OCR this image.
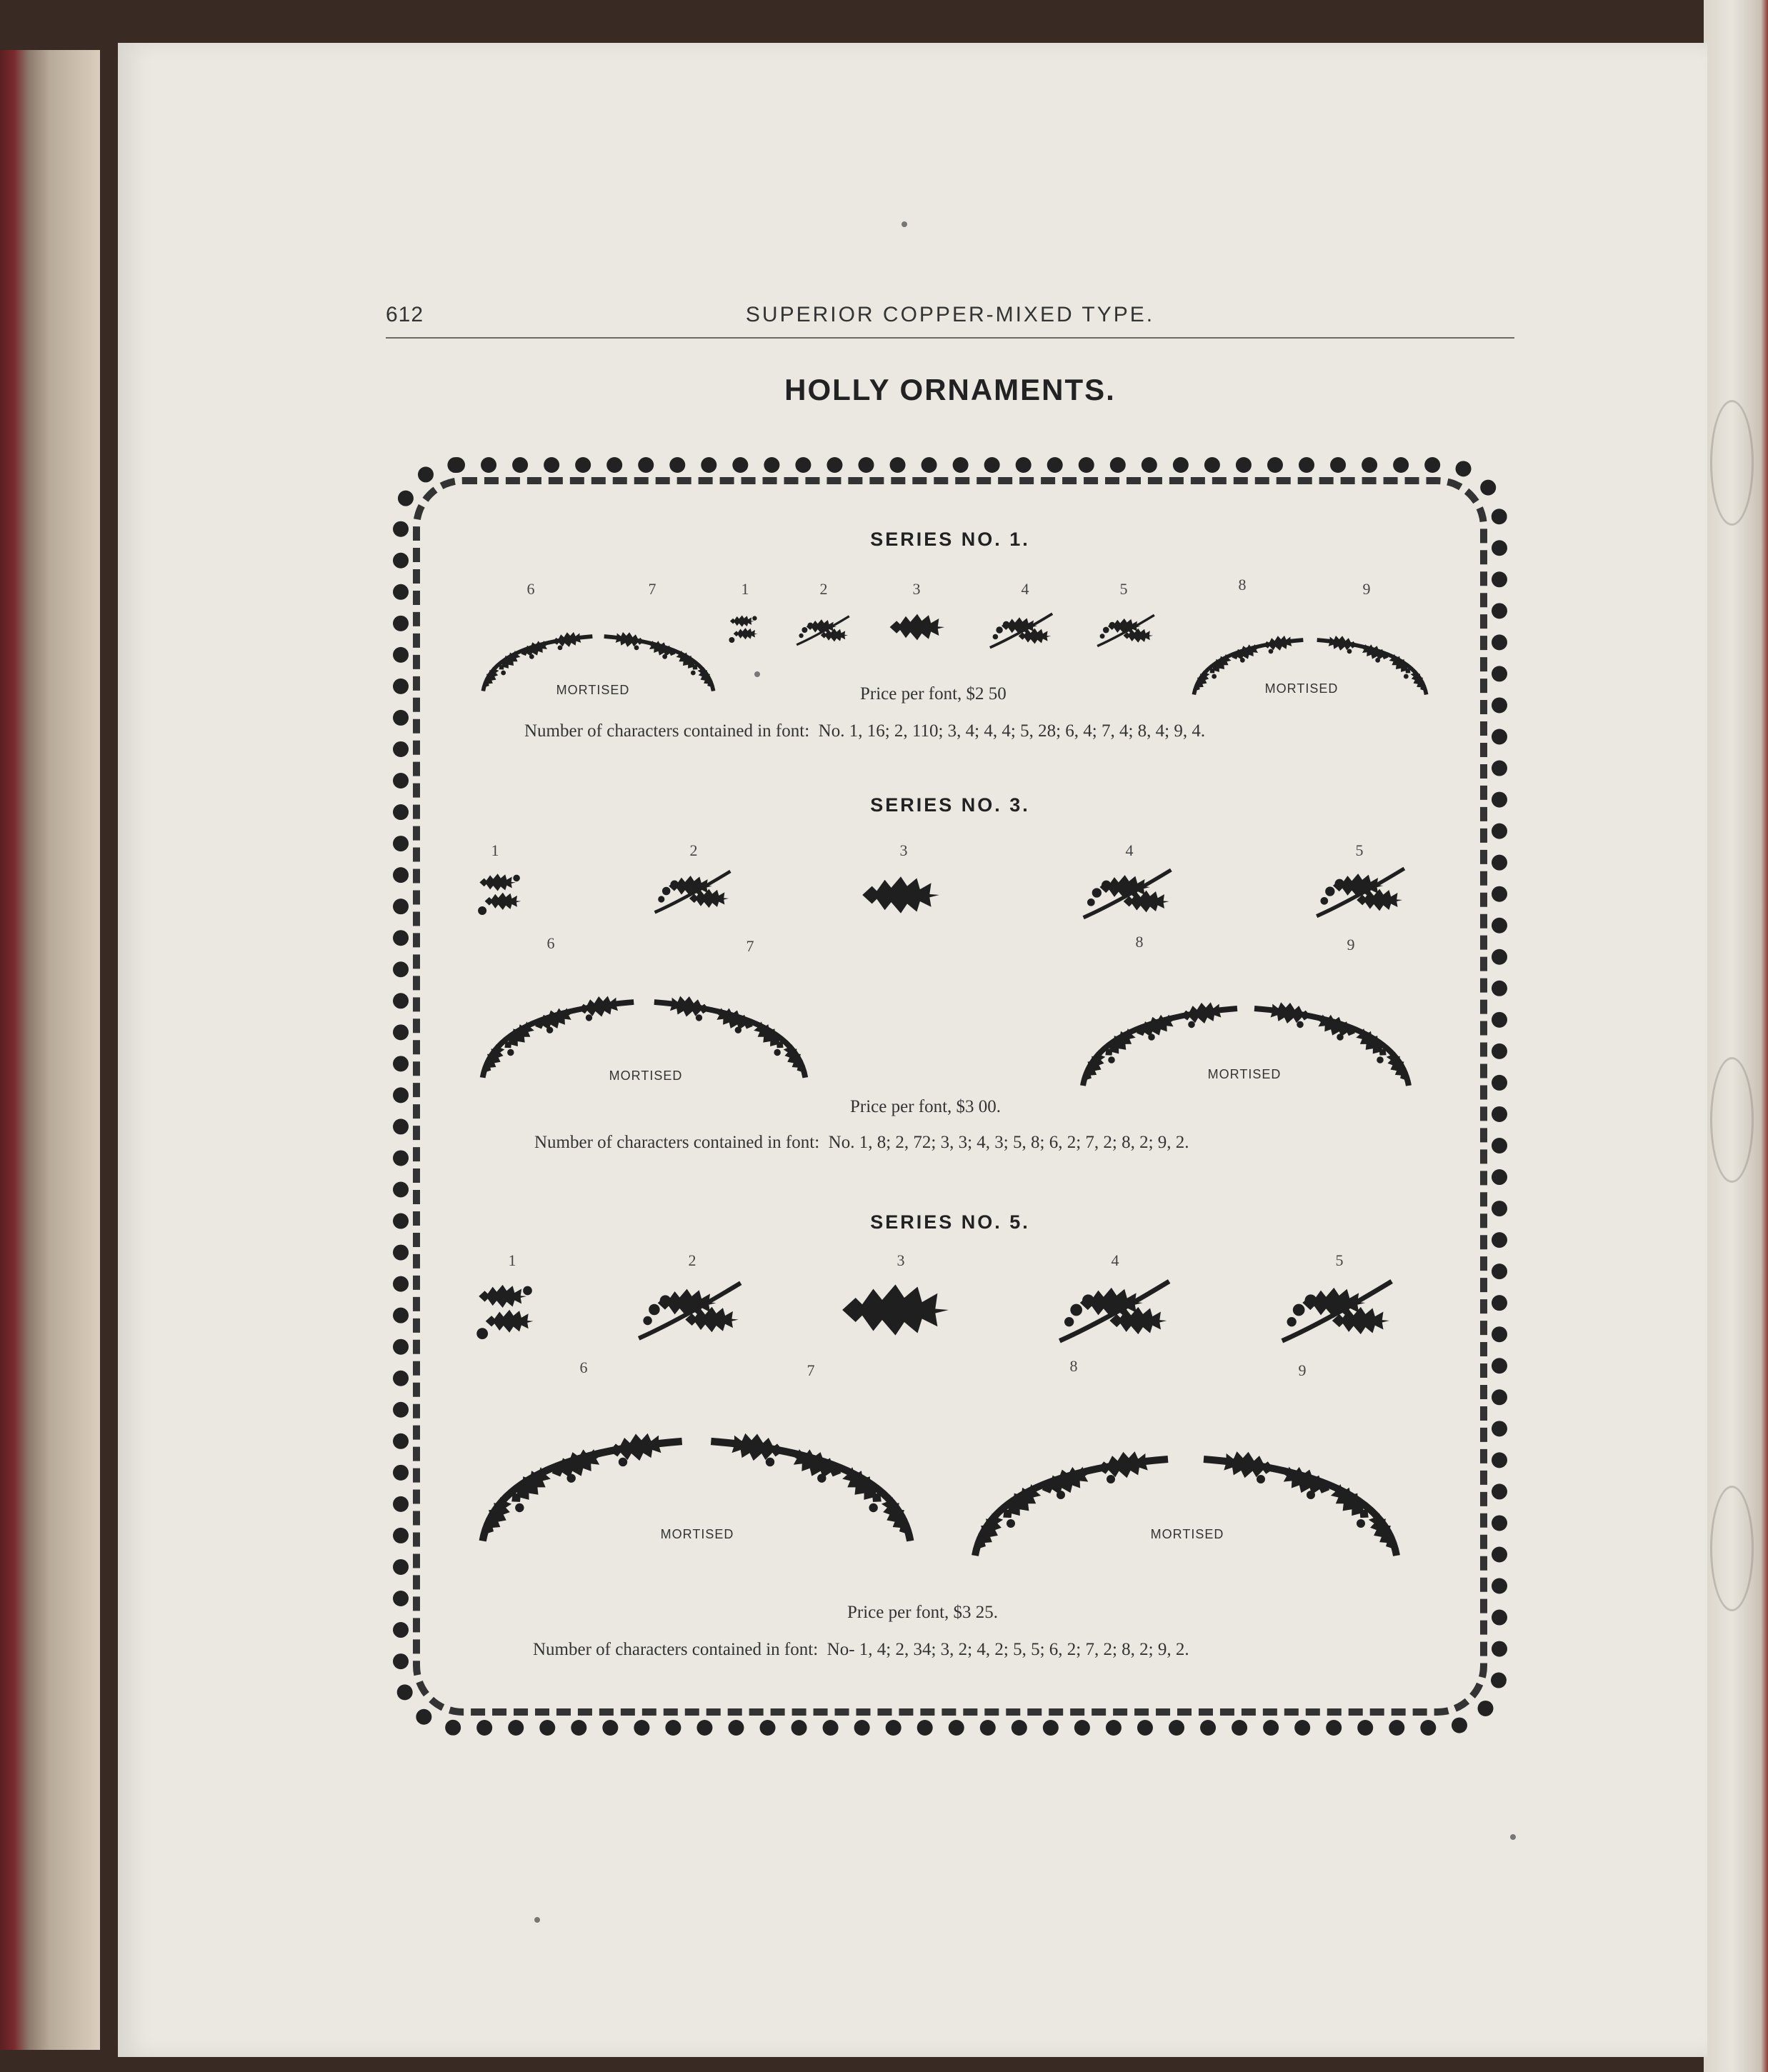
612	SUPERIOR COPPER-MIXED TYPE.
HOLLY ORNAMENTS.
SERIES NO. 1.
6	7	1	2	3	4	5	8	9
MORTISED	MORTISED
Price per font, $2 50
Number of characters contained in font: No. 1, 16; 2, 110; 3, 4; 4, 4; 5, 28; 6, 4; 7, 4; 8, 4; 9, 4.
SERIES NO. 3.
1	2	3	4	5
6	7	8	9
MORTISED	MORTISED
Price per font, $3 00.
Number of characters contained in font: No. 1, 8; 2, 72; 3, 3; 4, 3; 5, 8; 6, 2; 7, 2; 8, 2; 9, 2.
SERIES NO. 5.
1	2	3	4	5
6	7	8	9
MORTISED	MORTISED
Price per font, $3 25.
Number of characters contained in font: No- 1, 4; 2, 34; 3, 2; 4, 2; 5, 5; 6, 2; 7, 2; 8, 2; 9, 2.
